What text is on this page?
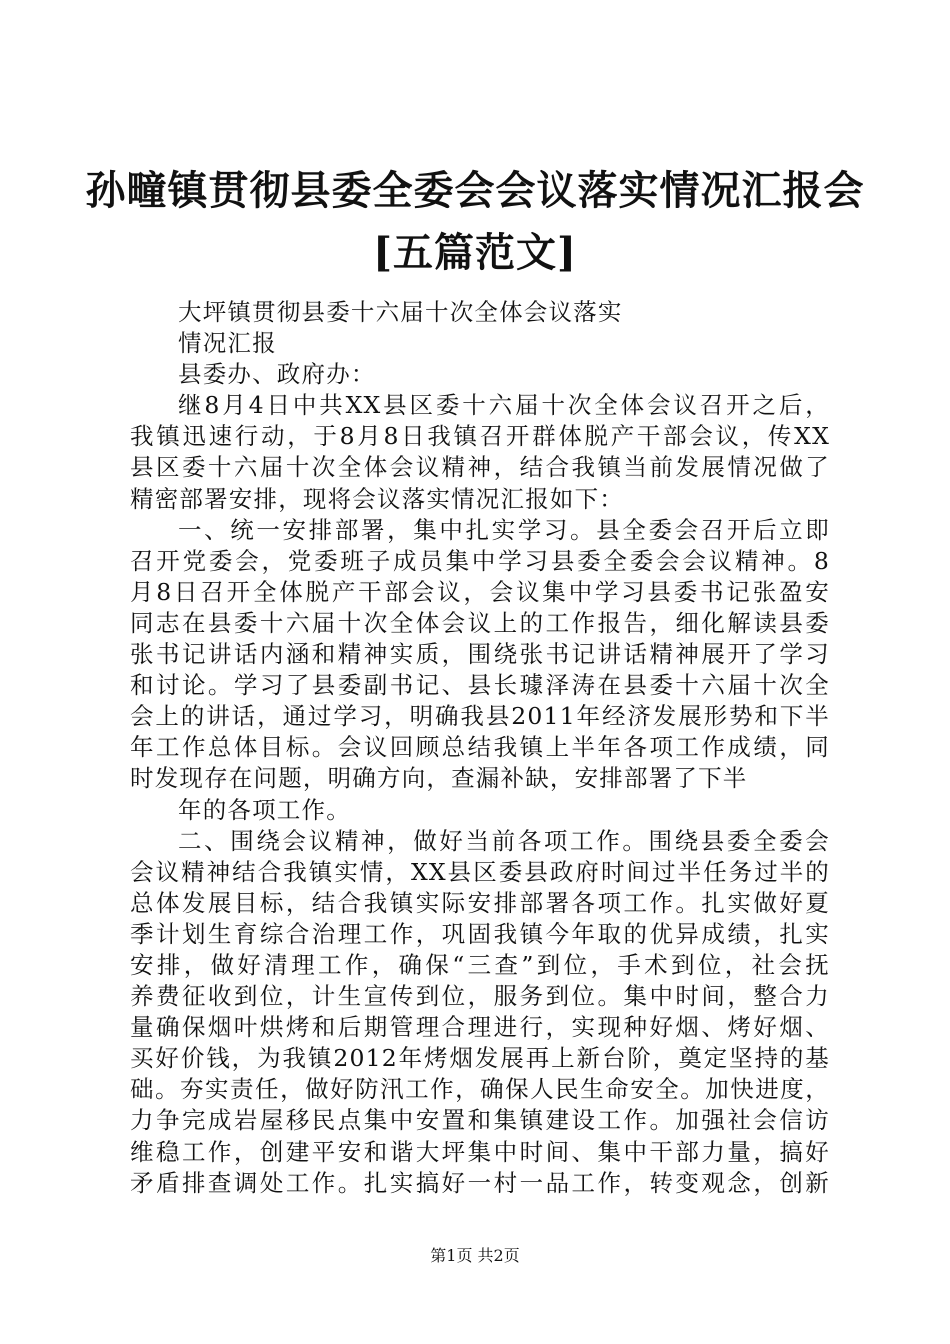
孙疃镇贯彻县委全委会会议落实情况汇报会
[五篇范文]
大坪镇贯彻县委十六届十次全体会议落实
情况汇报
县委办、政府办：
继8月4日中共XX县区委十六届十次全体会议召开之后，
我镇迅速行动，于8月8日我镇召开群体脱产干部会议，传XX
县区委十六届十次全体会议精神，结合我镇当前发展情况做了
精密部署安排，现将会议落实情况汇报如下：
一、统一安排部署，集中扎实学习。县全委会召开后立即
召开党委会，党委班子成员集中学习县委全委会会议精神。8
月8日召开全体脱产干部会议，会议集中学习县委书记张盈安
同志在县委十六届十次全体会议上的工作报告，细化解读县委
张书记讲话内涵和精神实质，围绕张书记讲话精神展开了学习
和讨论。学习了县委副书记、县长璩泽涛在县委十六届十次全
会上的讲话，通过学习，明确我县2011年经济发展形势和下半
年工作总体目标。会议回顾总结我镇上半年各项工作成绩，同
时发现存在问题，明确方向，查漏补缺，安排部署了下半
年的各项工作。
二、围绕会议精神，做好当前各项工作。围绕县委全委会
会议精神结合我镇实情，XX县区委县政府时间过半任务过半的
总体发展目标，结合我镇实际安排部署各项工作。扎实做好夏
季计划生育综合治理工作，巩固我镇今年取的优异成绩，扎实
安排，做好清理工作，确保“三查”到位，手术到位，社会抚
养费征收到位，计生宣传到位，服务到位。集中时间，整合力
量确保烟叶烘烤和后期管理合理进行，实现种好烟、烤好烟、
买好价钱，为我镇2012年烤烟发展再上新台阶，奠定坚持的基
础。夯实责任，做好防汛工作，确保人民生命安全。加快进度，
力争完成岩屋移民点集中安置和集镇建设工作。加强社会信访
维稳工作，创建平安和谐大坪集中时间、集中干部力量，搞好
矛盾排查调处工作。扎实搞好一村一品工作，转变观念，创新
第1页 共2页
